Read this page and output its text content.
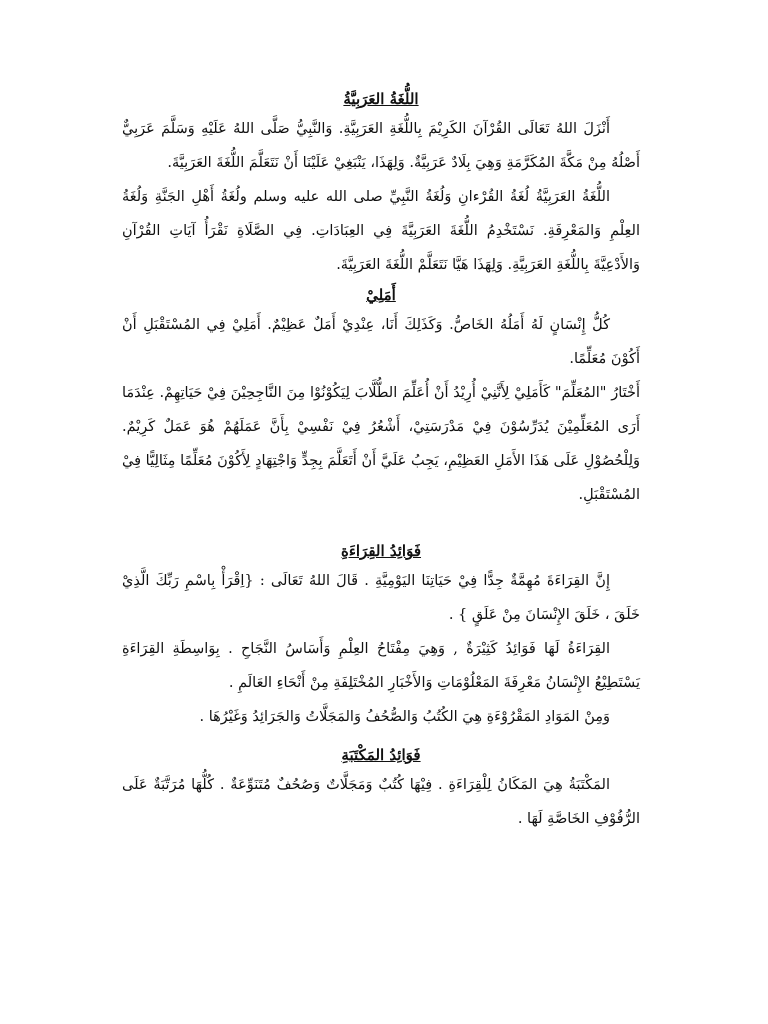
اللُّغَةُ العَرَبِيَّةُ

أَنْزَلَ اللهُ تَعَالَى القُرْآنَ الكَرِيْمَ بِاللُّغَةِ العَرَبِيَّةِ. وَالنَّبِيُّ صَلَّى اللهُ عَلَيْهِ وَسَلَّمَ عَرَبِيٌّ أَصْلُهُ مِنْ مَكَّةَ المُكَرَّمَةِ وَهِيَ بِلَادٌ عَرَبِيَّةٌ. وَلِهَذَا، يَنْبَغِيْ عَلَيْنَا أَنْ نَتَعَلَّمَ اللُّغَةَ العَرَبِيَّةَ.

اللُّغَةُ العَرَبِيَّةُ لُغَةُ القُرْءانِ وَلُغَةُ النَّبِيِّ صلى الله عليه وسلم ولُغَةُ أَهْلِ الجَنَّةِ وَلُغَةُ العِلْمِ وَالمَعْرِفَةِ. نَسْتَخْدِمُ اللُّغَةَ العَرَبِيَّةَ فِي العِبَادَاتِ. فِي الصَّلَاةِ نَقْرَأُ آيَاتِ القُرْآنِ وَالأَدْعِيَّةَ بِاللُّغَةِ العَرَبِيَّةِ. وَلِهَذَا هَيَّا نَتَعَلَّمْ اللُّغَةَ العَرَبِيَّةَ.

أَمَلِيْ

كُلُّ إِنْسَانٍ لَهُ أَمَلُهُ الخَاصُّ. وَكَذَلِكَ أَنَا، عِنْدِيْ أَمَلٌ عَظِيْمٌ. أَمَلِيْ فِي المُسْتَقْبَلِ أَنْ أَكُوْنَ مُعَلِّمًا.

أَخْتَارُ "المُعَلِّمَ" كَأَمَلِيْ لِأَنَّنِيْ أُرِيْدُ أَنْ أُعَلِّمَ الطُّلَّابَ لِيَكُوْنُوْا مِنَ النَّاجِحِيْنَ فِيْ حَيَاتِهِمْ. عِنْدَمَا أَرَى المُعَلِّمِيْنَ يُدَرِّسُوْنَ فِيْ مَدْرَسَتِيْ، أَشْعُرُ فِيْ نَفْسِيْ بِأَنَّ عَمَلَهُمْ هُوَ عَمَلٌ كَرِيْمٌ. وَلِلْحُصُوْلِ عَلَى هَذَا الأَمَلِ العَظِيْمِ، يَجِبُ عَلَيَّ أَنْ أَتَعَلَّمَ بِجِدٍّ وَاجْتِهَادٍ لِأَكُوْنَ مُعَلِّمًا مِثَالِيًّا فِيْ المُسْتَقْبَلِ.

فَوَائِدُ القِرَاءَةِ

إِنَّ القِرَاءَةَ مُهِمَّةٌ جِدًّا فِيْ حَيَاتِنَا اليَوْمِيَّةِ . قَالَ اللهُ تَعَالَى : {اِقْرَأْ بِاسْمِ رَبِّكَ الَّذِيْ خَلَقَ ، خَلَقَ الإِنْسَانَ مِنْ عَلَقٍ } .

القِرَاءَةُ لَهَا فَوَائِدُ كَثِيْرَةٌ , وَهِيَ مِفْتَاحُ العِلْمِ وَأَسَاسُ النَّجَاحِ . بِوَاسِطَةِ القِرَاءَةِ يَسْتَطِيْعُ الإِنْسَانُ مَعْرِفَةَ المَعْلُوْمَاتِ وَالأَخْبَارِ المُخْتَلِفَةِ مِنْ أَنْحَاءِ العَالَمِ .

وَمِنْ المَوَادِ المَقْرُوْءَةِ هِيَ الكُتُبُ وَالصُّحُفُ وَالمَجَلَّاتُ وَالجَرَائِدُ وَغَيْرُهَا .

فَوَائِدُ المَكْتَبَةِ

المَكْتَبَةُ هِيَ المَكَانُ لِلْقِرَاءَةِ . فِيْهَا كُتُبٌ وَمَجَلَّاتٌ وَصُحُفٌ مُتَنَوِّعَةٌ . كُلُّهَا مُرَتَّبَةٌ عَلَى الرُّفُوْفِ الخَاصَّةِ لَهَا .
